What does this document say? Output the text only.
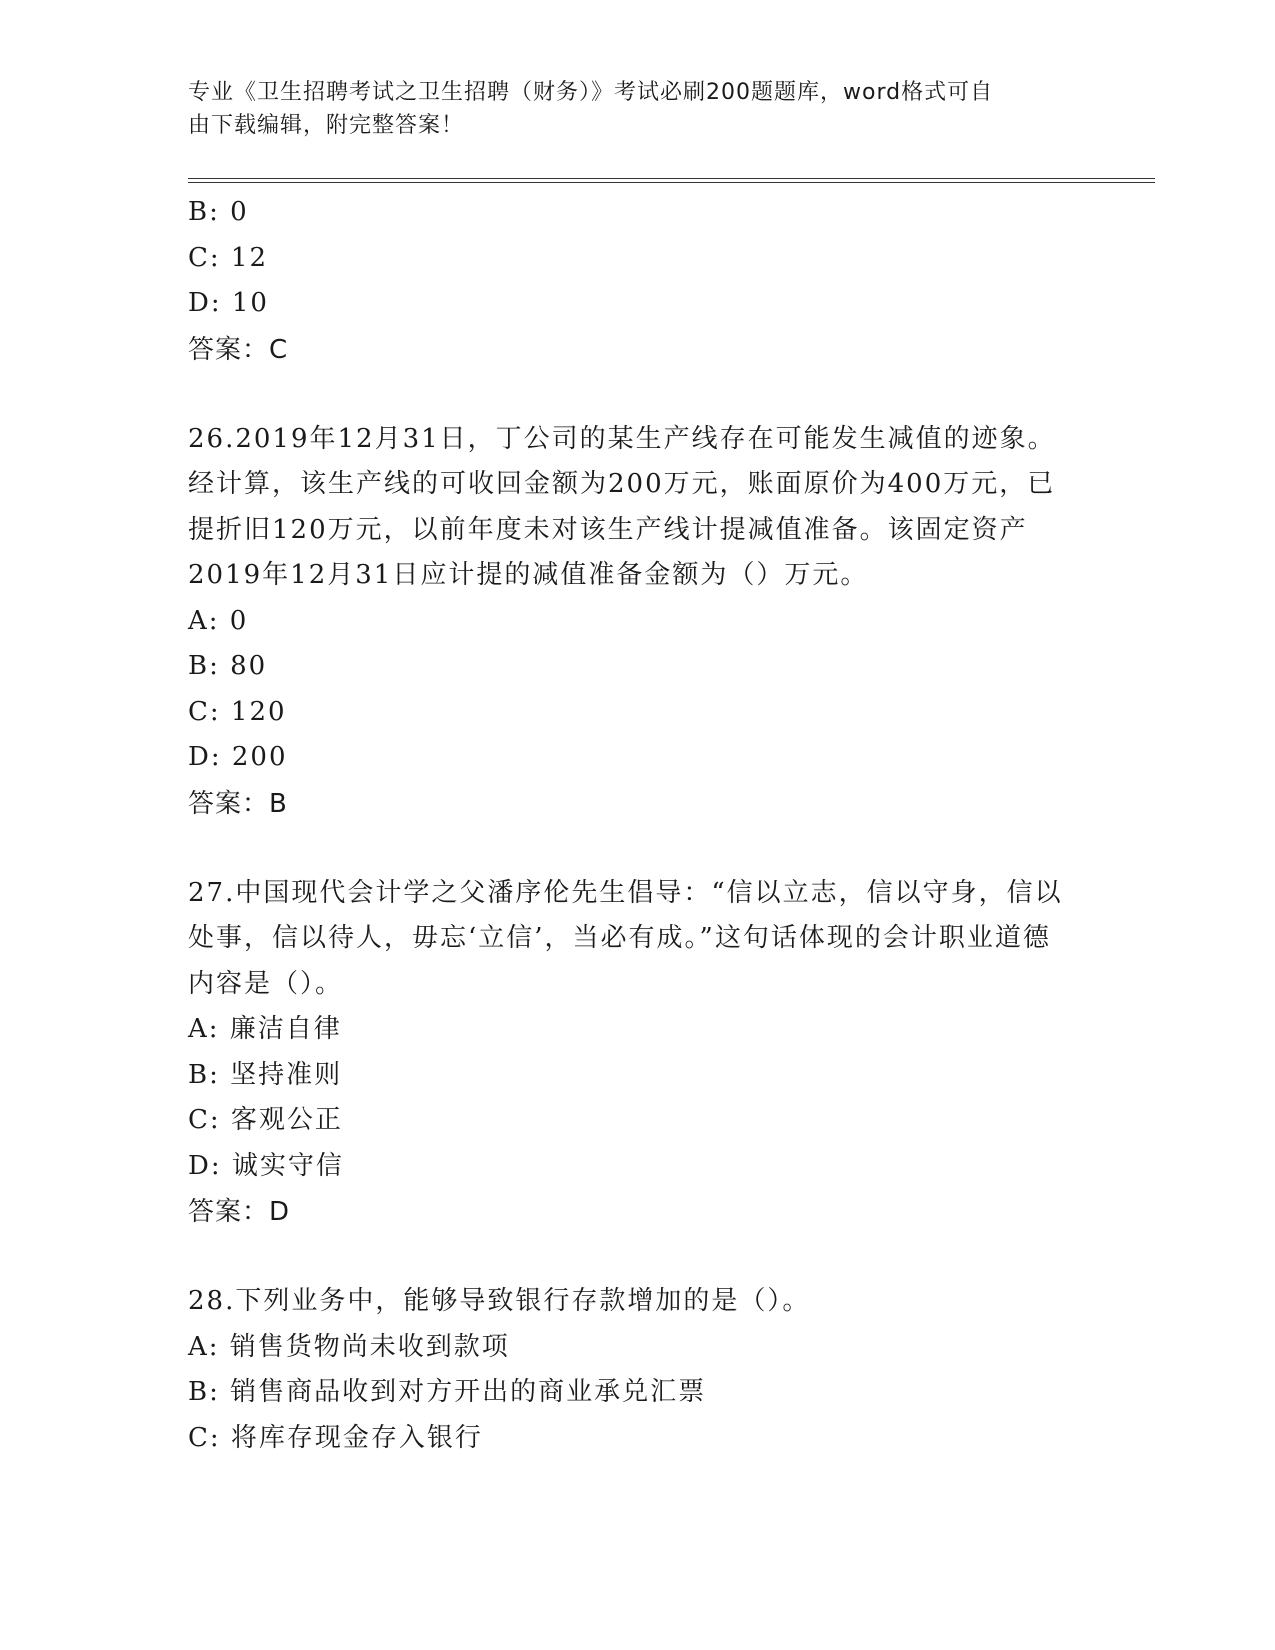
专业《卫生招聘考试之卫生招聘（财务）》考试必刷200题题库，word格式可自
由下载编辑，附完整答案！
B: 0
C: 12
D: 10
答案：C
26.2019年12月31日，丁公司的某生产线存在可能发生减值的迹象。经计算，该生产线的可收回金额为200万元，账面原价为400万元，已提折旧120万元，以前年度未对该生产线计提减值准备。该固定资产2019年12月31日应计提的减值准备金额为（）万元。
A: 0
B: 80
C: 120
D: 200
答案：B
27.中国现代会计学之父潘序伦先生倡导：“信以立志，信以守身，信以处事，信以待人，毋忘‘立信’，当必有成。”这句话体现的会计职业道德内容是（）。
A: 廉洁自律
B: 坚持准则
C: 客观公正
D: 诚实守信
答案：D
28.下列业务中，能够导致银行存款增加的是（）。
A: 销售货物尚未收到款项
B: 销售商品收到对方开出的商业承兑汇票
C: 将库存现金存入银行
